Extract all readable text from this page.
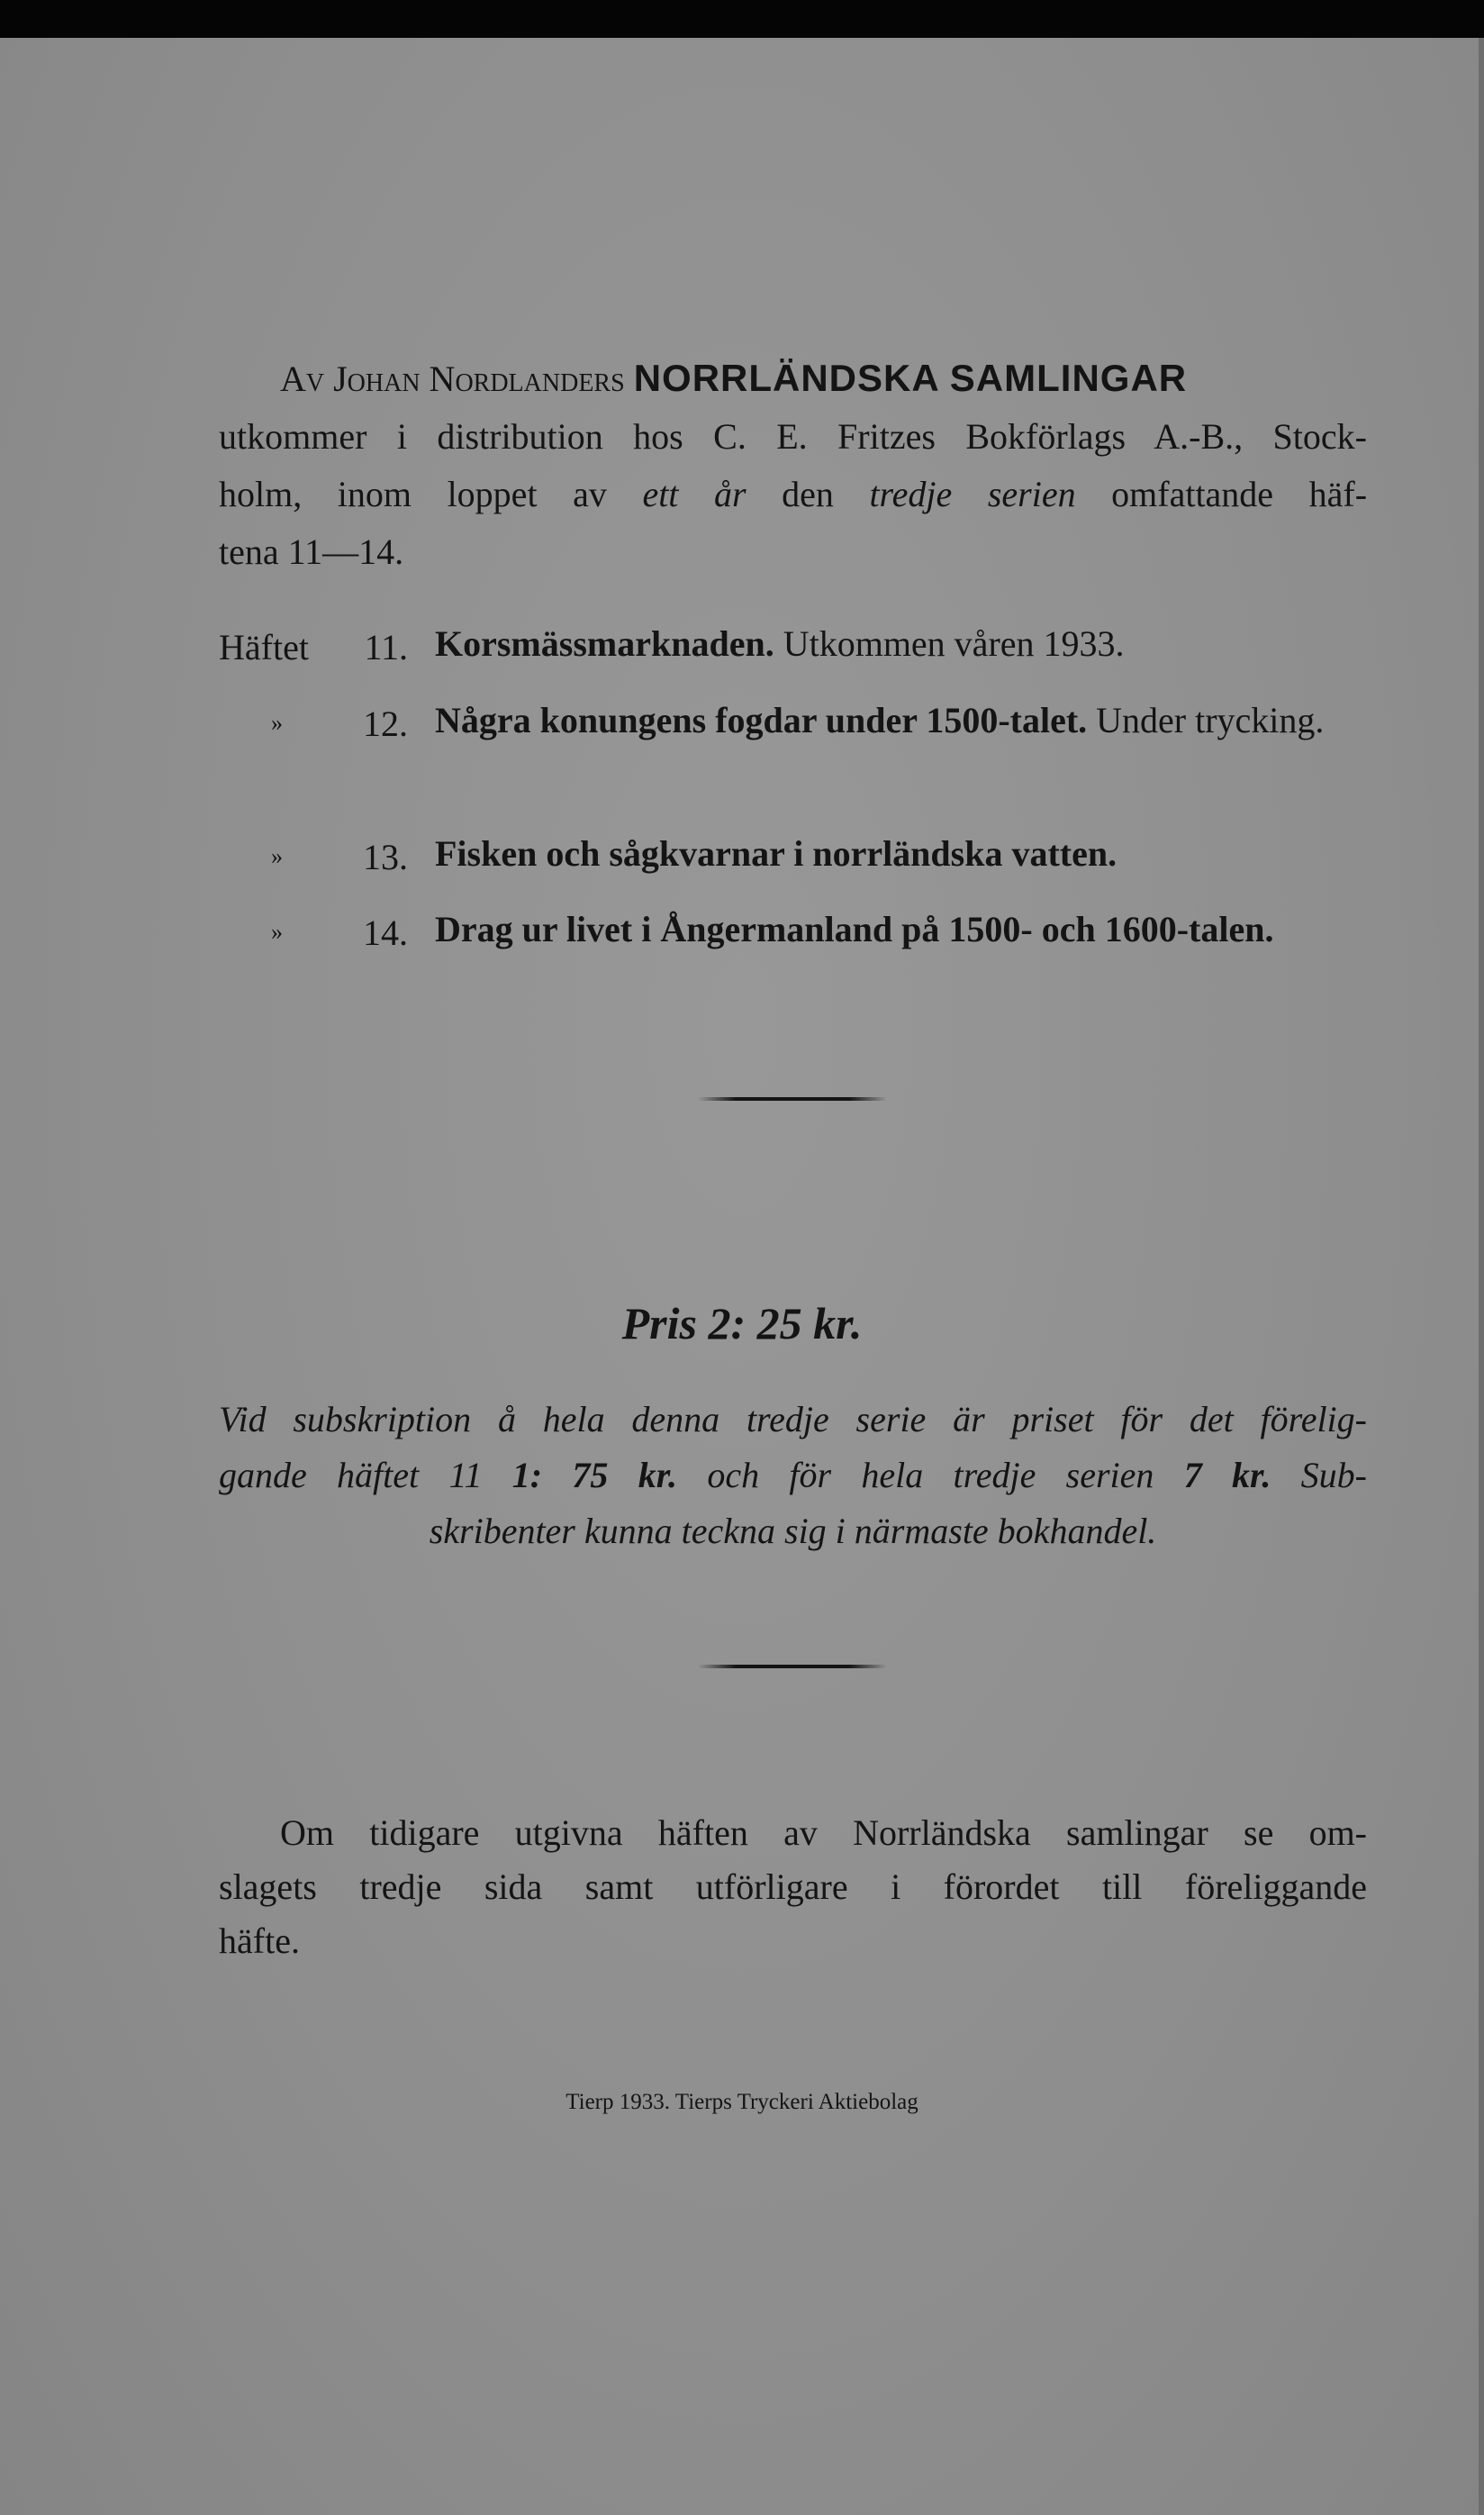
Av Johan Nordlanders NORRLÄNDSKA SAMLINGAR
utkommer i distribution hos C. E. Fritzes Bokförlags A.-B., Stock-
holm, inom loppet av ett år den tredje serien omfattande häf-
tena 11—14.
Häftet	11. Korsmässmarknaden. Utkommen våren 1933.
»	12. Några konungens fogdar under 1500-talet. Under trycking.
»	13. Fisken och sågkvarnar i norrländska vatten.
»	14. Drag ur livet i Ångermanland på 1500- och 1600-talen.
Pris 2: 25 kr.
Vid subskription å hela denna tredje serie är priset för det förelig-
gande häftet 11 1: 75 kr. och för hela tredje serien 7 kr. Sub-
skribenter kunna teckna sig i närmaste bokhandel.
Om tidigare utgivna häften av Norrländska samlingar se om-
slagets tredje sida samt utförligare i förordet till föreliggande
häfte.
Tierp 1933. Tierps Tryckeri Aktiebolag
